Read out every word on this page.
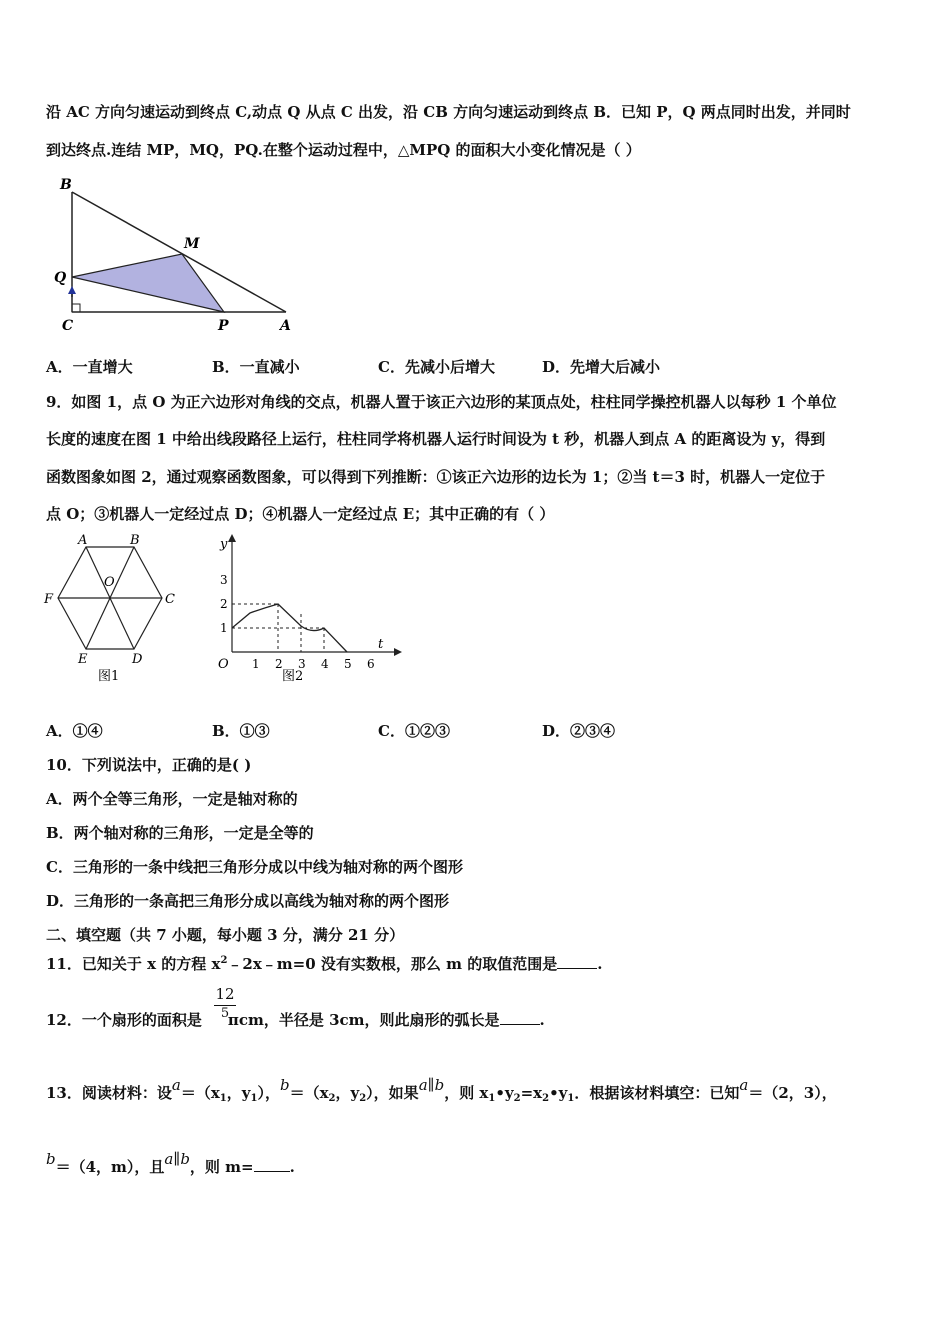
沿 AC 方向匀速运动到终点 C,动点 Q 从点 C 出发，沿 CB 方向匀速运动到终点 B．已知 P，Q 两点同时出发，并同时
到达终点.连结 MP，MQ，PQ.在整个运动过程中，△MPQ 的面积大小变化情况是（ ）
B
M
Q
C	P	A
A．一直增大	B．一直减小	C．先减小后增大	D．先增大后减小
9．如图 1，点 O 为正六边形对角线的交点，机器人置于该正六边形的某顶点处，柱柱同学操控机器人以每秒 1 个单位
长度的速度在图 1 中给出线段路径上运行，柱柱同学将机器人运行时间设为 t 秒，机器人到点 A 的距离设为 y，得到
函数图象如图 2，通过观察函数图象，可以得到下列推断：①该正六边形的边长为 1；②当 t＝3 时，机器人一定位于
点 O；③机器人一定经过点 D；④机器人一定经过点 E；其中正确的有（ ）
A	B
C
D
E
F
O
图1
y
t
O
1
2
3
1 2 3 4 5 6
图2
A．①④	B．①③	C．①②③	D．②③④
10．下列说法中，正确的是( )
A．两个全等三角形，一定是轴对称的
B．两个轴对称的三角形，一定是全等的
C．三角形的一条中线把三角形分成以中线为轴对称的两个图形
D．三角形的一条高把三角形分成以高线为轴对称的两个图形
二、填空题（共 7 小题，每小题 3 分，满分 21 分）
11．已知关于 x 的方程 $x^2﹣2x﹣m=0$ 没有实数根，那么 m 的取值范围是	.
$\frac{12}{5}$
12．一个扇形的面积是 πcm，半径是 3cm，则此扇形的弧长是	.
13．阅读材料：设$a=(x_1$，$y_1$），$b=(x_2$，$y_2$），如果a∥b，则 $x_1•y_2=x_2•y_1$．根据该材料填空：已知a＝（2，3），
b＝（4，m），且a∥b，则 m= .
